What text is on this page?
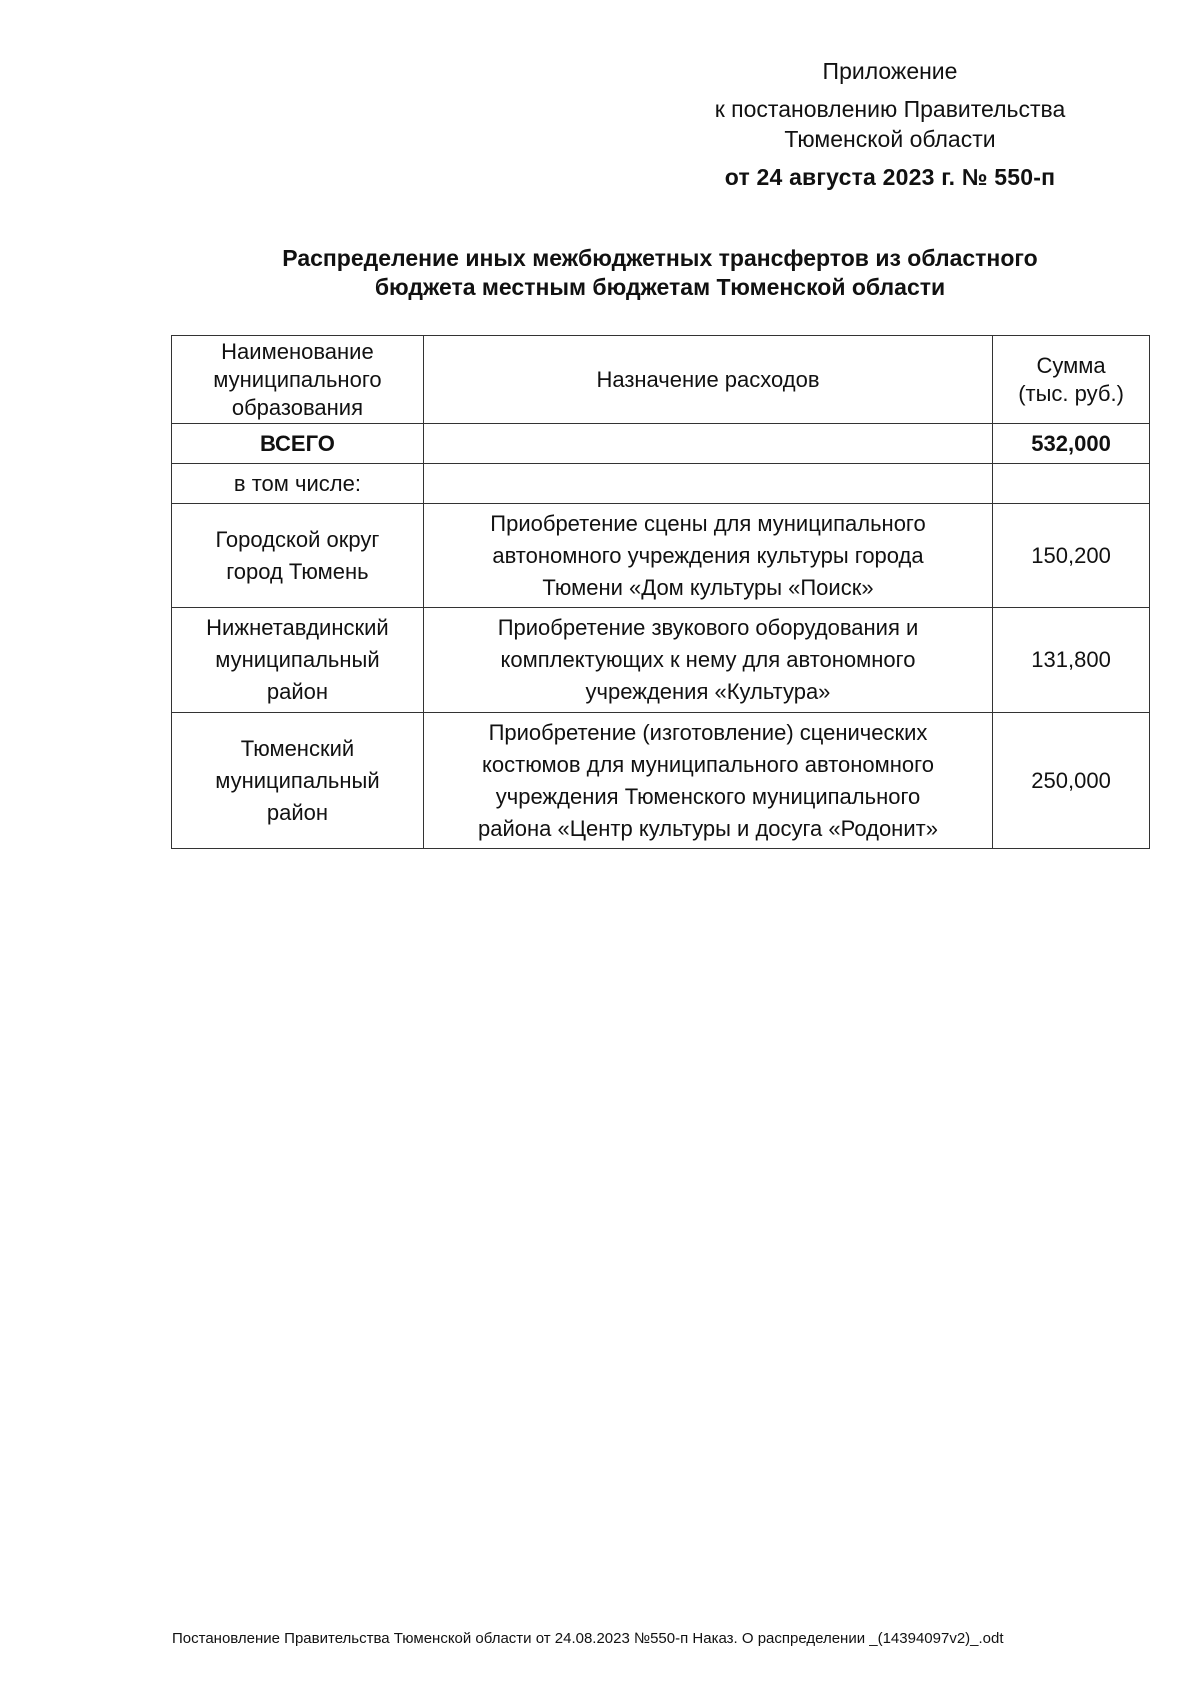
Приложение
к постановлению Правительства
Тюменской области
от 24 августа 2023 г. № 550-п
Распределение иных межбюджетных трансфертов из областного
бюджета местным бюджетам Тюменской области
Наименование
муниципального
образования	Назначение расходов	Сумма
(тыс. руб.)

ВСЕГО		532,000
в том числе:		

Городской округ
город Тюмень	Приобретение сцены для муниципального
автономного учреждения культуры города
Тюмени «Дом культуры «Поиск»	150,200

Нижнетавдинский
муниципальный
район	Приобретение звукового оборудования и
комплектующих к нему для автономного
учреждения «Культура»	131,800

Тюменский
муниципальный
район	Приобретение (изготовление) сценических
костюмов для муниципального автономного
учреждения Тюменского муниципального
района «Центр культуры и досуга «Родонит»	250,000
Постановление Правительства Тюменской области от 24.08.2023 №550-п Наказ. О распределении _(14394097v2)_.odt
